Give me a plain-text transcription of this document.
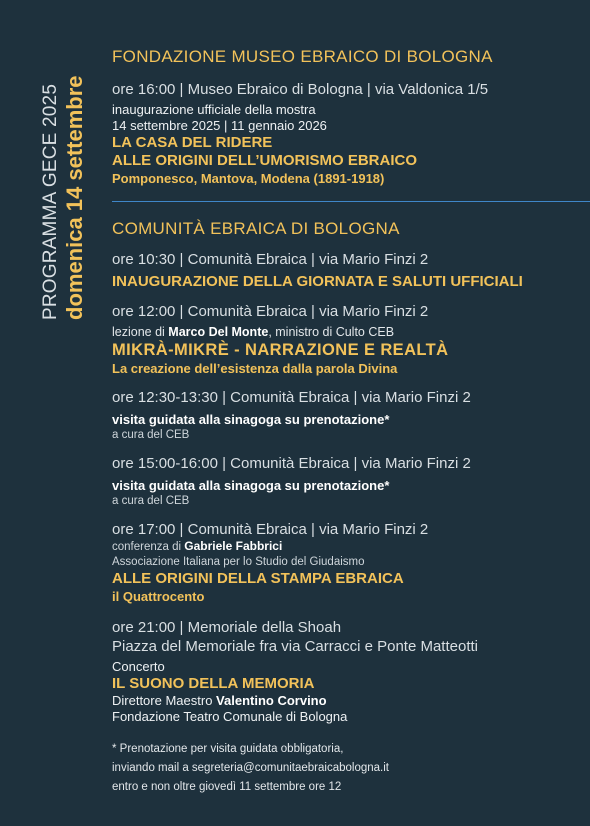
PROGRAMMA GECE 2025 domenica 14 settembre
FONDAZIONE MUSEO EBRAICO DI BOLOGNA
ore 16:00 | Museo Ebraico di Bologna | via Valdonica 1/5
inaugurazione ufficiale della mostra
14 settembre 2025 | 11 gennaio 2026
LA CASA DEL RIDERE
ALLE ORIGINI DELL’UMORISMO EBRAICO
Pomponesco, Mantova, Modena (1891-1918)
COMUNITÀ EBRAICA DI BOLOGNA
ore 10:30 | Comunità Ebraica | via Mario Finzi 2
INAUGURAZIONE DELLA GIORNATA E SALUTI UFFICIALI
ore 12:00 | Comunità Ebraica | via Mario Finzi 2
lezione di Marco Del Monte, ministro di Culto CEB
MIKRÀ-MIKRÈ - NARRAZIONE E REALTÀ
La creazione dell’esistenza dalla parola Divina
ore 12:30-13:30 | Comunità Ebraica | via Mario Finzi 2
visita guidata alla sinagoga su prenotazione*
a cura del CEB
ore 15:00-16:00 | Comunità Ebraica | via Mario Finzi 2
visita guidata alla sinagoga su prenotazione*
a cura del CEB
ore 17:00 | Comunità Ebraica | via Mario Finzi 2
conferenza di Gabriele Fabbrici
Associazione Italiana per lo Studio del Giudaismo
ALLE ORIGINI DELLA STAMPA EBRAICA
il Quattrocento
ore 21:00 | Memoriale della Shoah
Piazza del Memoriale fra via Carracci e Ponte Matteotti
Concerto
IL SUONO DELLA MEMORIA
Direttore Maestro Valentino Corvino
Fondazione Teatro Comunale di Bologna
* Prenotazione per visita guidata obbligatoria,
inviando mail a segreteria@comunitaebraicabologna.it
entro e non oltre giovedì 11 settembre ore 12
